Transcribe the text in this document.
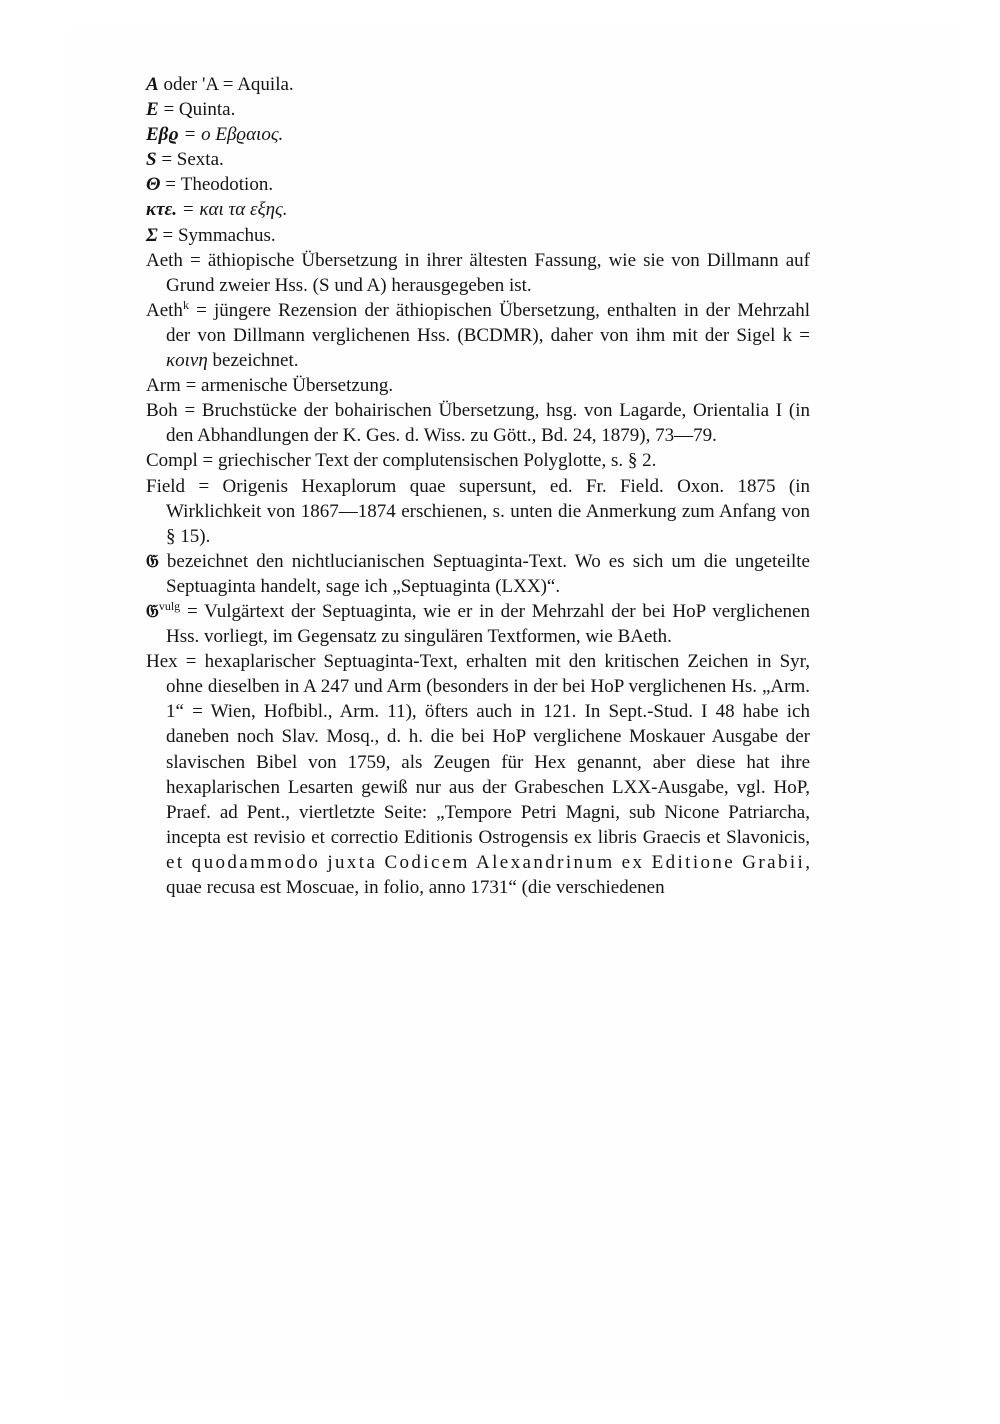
A oder 'A = Aquila.

E = Quinta.

Εβϱ = ο Εβϱαιος.

S = Sexta.

Θ = Theodotion.

κτε. = και τα εξης.

Σ = Symmachus.

Aeth = äthiopische Übersetzung in ihrer ältesten Fassung, wie sie von Dillmann auf Grund zweier Hss. (S und A) herausgegeben ist.

Aeth$^k$ = jüngere Rezension der äthiopischen Übersetzung, enthalten in der Mehrzahl der von Dillmann verglichenen Hss. (BCDMR), daher von ihm mit der Sigel k = κοινη bezeichnet.

Arm = armenische Übersetzung.

Boh = Bruchstücke der bohairischen Übersetzung, hsg. von Lagarde, Orientalia I (in den Abhandlungen der K. Ges. d. Wiss. zu Gött., Bd. 24, 1879), 73—79.

Compl = griechischer Text der complutensischen Polyglotte, s. § 2.

Field = Origenis Hexaplorum quae supersunt, ed. Fr. Field. Oxon. 1875 (in Wirklichkeit von 1867—1874 erschienen, s. unten die Anmerkung zum Anfang von § 15).

𝔊 bezeichnet den nichtlucianischen Septuaginta-Text. Wo es sich um die ungeteilte Septuaginta handelt, sage ich „Septuaginta (LXX)“.

𝔊$^{vulg}$ = Vulgärtext der Septuaginta, wie er in der Mehrzahl der bei HoP verglichenen Hss. vorliegt, im Gegensatz zu singulären Textformen, wie BAeth.

Hex = hexaplarischer Septuaginta-Text, erhalten mit den kritischen Zeichen in Syr, ohne dieselben in A 247 und Arm (besonders in der bei HoP verglichenen Hs. „Arm. 1“ = Wien, Hofbibl., Arm. 11), öfters auch in 121. In Sept.-Stud. I 48 habe ich daneben noch Slav. Mosq., d. h. die bei HoP verglichene Moskauer Ausgabe der slavischen Bibel von 1759, als Zeugen für Hex genannt, aber diese hat ihre hexaplarischen Lesarten gewiß nur aus der Grabeschen LXX-Ausgabe, vgl. HoP, Praef. ad Pent., viertletzte Seite: „Tempore Petri Magni, sub Nicone Patriarcha, incepta est revisio et correctio Editionis Ostrogensis ex libris Graecis et Slavonicis, et quodammodo juxta Codicem Alexandrinum ex Editione Grabii, quae recusa est Moscuae, in folio, anno 1731“ (die verschiedenen
